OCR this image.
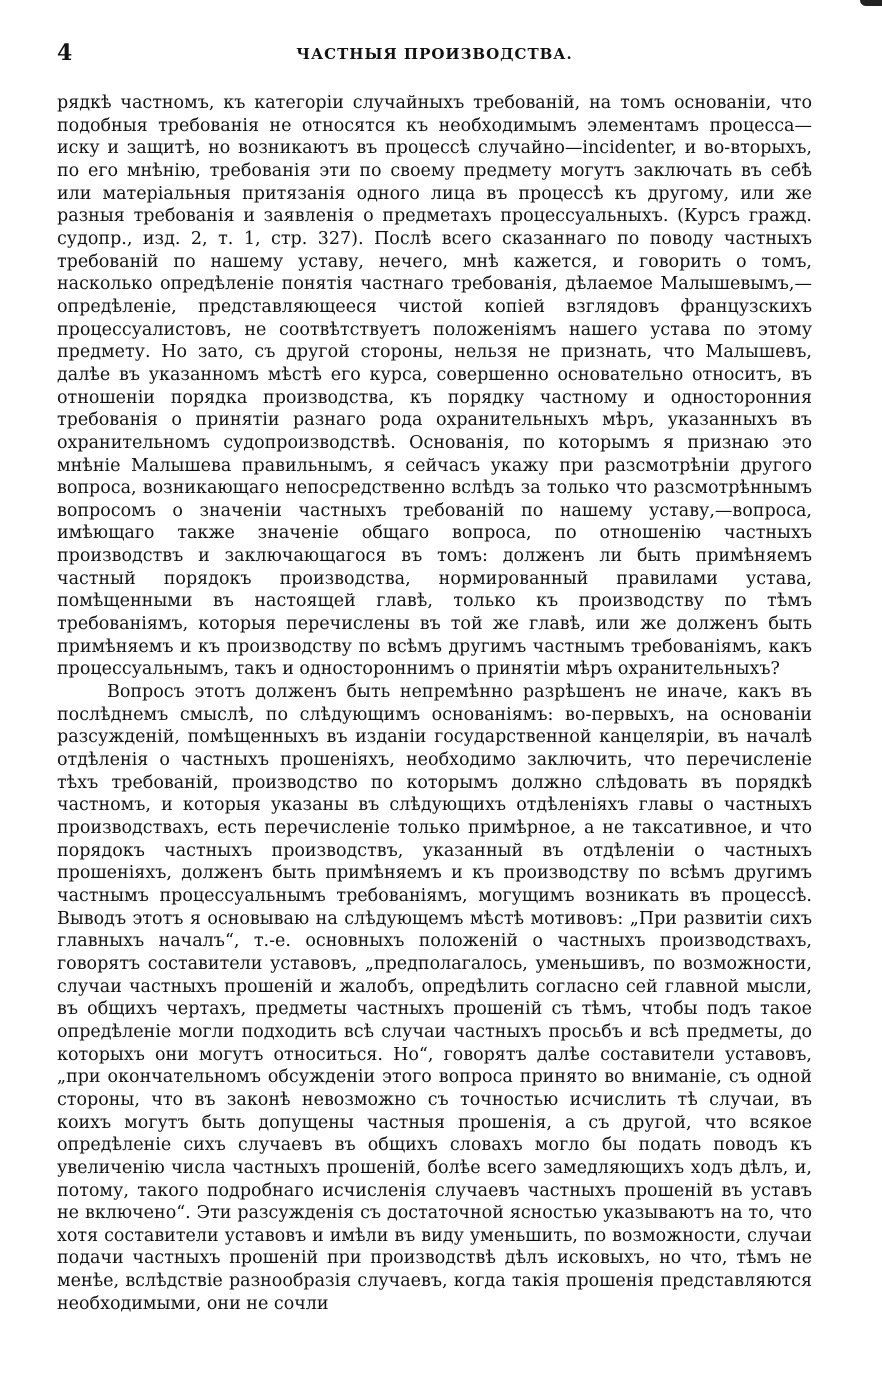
4	ЧАСТНЫЯ ПРОИЗВОДСТВА.

рядкѣ частномъ, къ категоріи случайныхъ требованій, на томъ основаніи, что подобныя требованія не относятся къ необходимымъ элементамъ процесса—иску и защитѣ, но возникаютъ въ процессѣ случайно—incidenter, и во-вторыхъ, по его мнѣнію, требованія эти по своему предмету могутъ заключать въ себѣ или матеріальныя притязанія одного лица въ процессѣ къ другому, или же разныя требованія и заявленія о предметахъ процессуальныхъ. (Курсъ гражд. судопр., изд. 2, т. 1, стр. 327). Послѣ всего сказаннаго по поводу частныхъ требованій по нашему уставу, нечего, мнѣ кажется, и говорить о томъ, насколько опредѣленіе понятія частнаго требованія, дѣлаемое Малышевымъ,—опредѣленіе, представляющееся чистой копіей взглядовъ французскихъ процессуалистовъ, не соотвѣтствуетъ положеніямъ нашего устава по этому предмету. Но зато, съ другой стороны, нельзя не признать, что Малышевъ, далѣе въ указанномъ мѣстѣ его курса, совершенно основательно относитъ, въ отношеніи порядка производства, къ порядку частному и односторонния требованія о принятіи разнаго рода охранительныхъ мѣръ, указанныхъ въ охранительномъ судопроизводствѣ. Основанія, по которымъ я признаю это мнѣніе Малышева правильнымъ, я сейчасъ укажу при разсмотрѣніи другого вопроса, возникающаго непосредственно вслѣдъ за только что разсмотрѣннымъ вопросомъ о значеніи частныхъ требованій по нашему уставу,—вопроса, имѣющаго также значеніе общаго вопроса, по отношенію частныхъ производствъ и заключающагося въ томъ: долженъ ли быть примѣняемъ частный порядокъ производства, нормированный правилами устава, помѣщенными въ настоящей главѣ, только къ производству по тѣмъ требованіямъ, которыя перечислены въ той же главѣ, или же долженъ быть примѣняемъ и къ производству по всѣмъ другимъ частнымъ требованіямъ, какъ процессуальнымъ, такъ и одностороннимъ о принятіи мѣръ охранительныхъ?

Вопросъ этотъ долженъ быть непремѣнно разрѣшенъ не иначе, какъ въ послѣднемъ смыслѣ, по слѣдующимъ основаніямъ: во-первыхъ, на основаніи разсужденій, помѣщенныхъ въ изданіи государственной канцеляріи, въ началѣ отдѣленія о частныхъ прошеніяхъ, необходимо заключить, что перечисленіе тѣхъ требованій, производство по которымъ должно слѣдовать въ порядкѣ частномъ, и которыя указаны въ слѣдующихъ отдѣленіяхъ главы о частныхъ производствахъ, есть перечисленіе только примѣрное, а не таксативное, и что порядокъ частныхъ производствъ, указанный въ отдѣленіи о частныхъ прошеніяхъ, долженъ быть примѣняемъ и къ производству по всѣмъ другимъ частнымъ процессуальнымъ требованіямъ, могущимъ возникать въ процессѣ. Выводъ этотъ я основываю на слѣдующемъ мѣстѣ мотивовъ: „При развитіи сихъ главныхъ началъ“, т.-е. основныхъ положеній о частныхъ производствахъ, говорятъ составители уставовъ, „предполагалось, уменьшивъ, по возможности, случаи частныхъ прошеній и жалобъ, опредѣлить согласно сей главной мысли, въ общихъ чертахъ, предметы частныхъ прошеній съ тѣмъ, чтобы подъ такое опредѣленіе могли подходить всѣ случаи частныхъ просьбъ и всѣ предметы, до которыхъ они могутъ относиться. Но“, говорятъ далѣе составители уставовъ, „при окончательномъ обсужденіи этого вопроса принято во вниманіе, съ одной стороны, что въ законѣ невозможно съ точностью исчислить тѣ случаи, въ коихъ могутъ быть допущены частныя прошенія, а съ другой, что всякое опредѣленіе сихъ случаевъ въ общихъ словахъ могло бы подать поводъ къ увеличенію числа частныхъ прошеній, болѣе всего замедляющихъ ходъ дѣлъ, и, потому, такого подробнаго исчисленія случаевъ частныхъ прошеній въ уставъ не включено“. Эти разсужденія съ достаточной ясностью указываютъ на то, что хотя составители уставовъ и имѣли въ виду уменьшить, по возможности, случаи подачи частныхъ прошеній при производствѣ дѣлъ исковыхъ, но что, тѣмъ не менѣе, вслѣдствіе разнообразія случаевъ, когда такія прошенія представляются необходимыми, они не сочли
